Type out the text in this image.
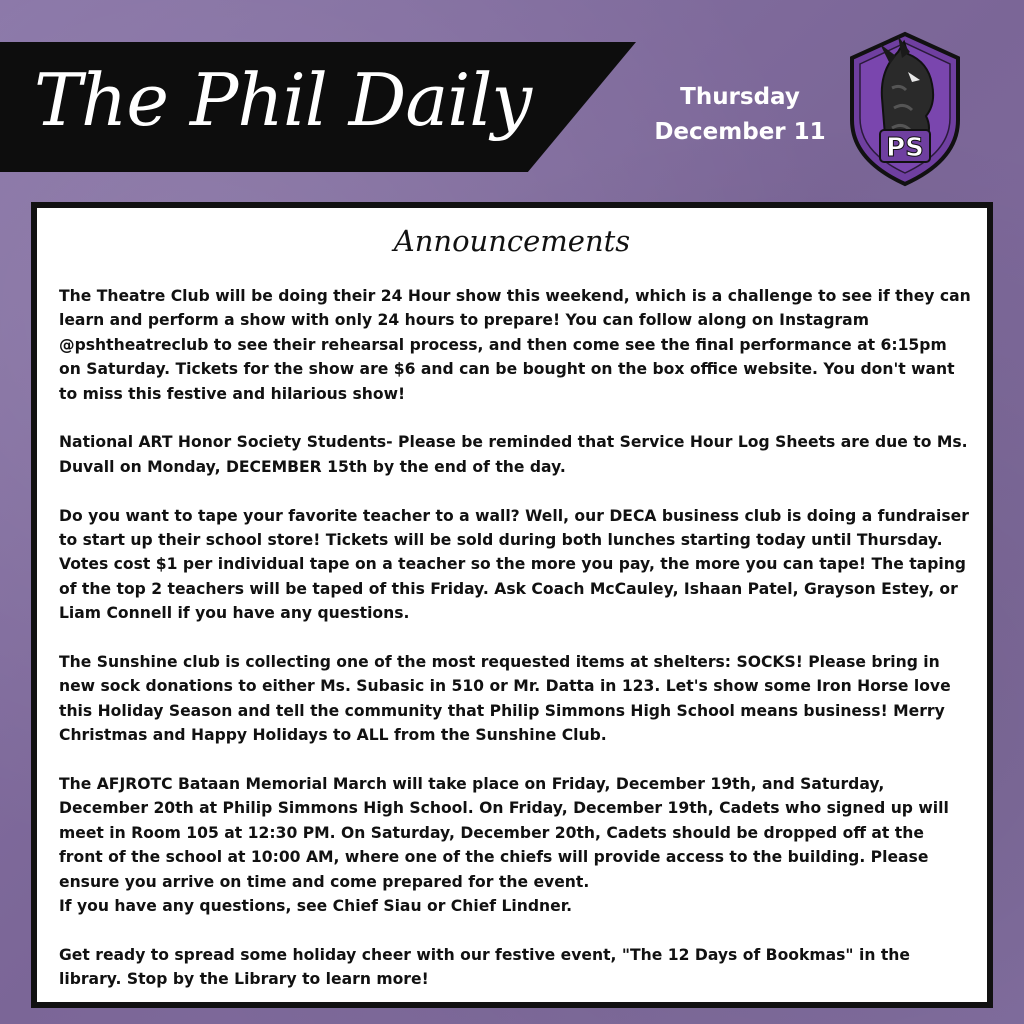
The Phil Daily	Thursday
December 11
PS
Announcements

The Theatre Club will be doing their 24 Hour show this weekend, which is a challenge to see if they can learn and perform a show with only 24 hours to prepare! You can follow along on Instagram @pshtheatreclub to see their rehearsal process, and then come see the final performance at 6:15pm on Saturday. Tickets for the show are $6 and can be bought on the box office website. You don't want to miss this festive and hilarious show!

National ART Honor Society Students- Please be reminded that Service Hour Log Sheets are due to Ms. Duvall on Monday, DECEMBER 15th by the end of the day.

Do you want to tape your favorite teacher to a wall? Well, our DECA business club is doing a fundraiser to start up their school store! Tickets will be sold during both lunches starting today until Thursday. Votes cost $1 per individual tape on a teacher so the more you pay, the more you can tape! The taping of the top 2 teachers will be taped of this Friday. Ask Coach McCauley, Ishaan Patel, Grayson Estey, or Liam Connell if you have any questions.

The Sunshine club is collecting one of the most requested items at shelters: SOCKS! Please bring in new sock donations to either Ms. Subasic in 510 or Mr. Datta in 123. Let's show some Iron Horse love this Holiday Season and tell the community that Philip Simmons High School means business! Merry Christmas and Happy Holidays to ALL from the Sunshine Club.

The AFJROTC Bataan Memorial March will take place on Friday, December 19th, and Saturday, December 20th at Philip Simmons High School. On Friday, December 19th, Cadets who signed up will meet in Room 105 at 12:30 PM. On Saturday, December 20th, Cadets should be dropped off at the front of the school at 10:00 AM, where one of the chiefs will provide access to the building. Please ensure you arrive on time and come prepared for the event.
If you have any questions, see Chief Siau or Chief Lindner.

Get ready to spread some holiday cheer with our festive event, "The 12 Days of Bookmas" in the library. Stop by the Library to learn more!
